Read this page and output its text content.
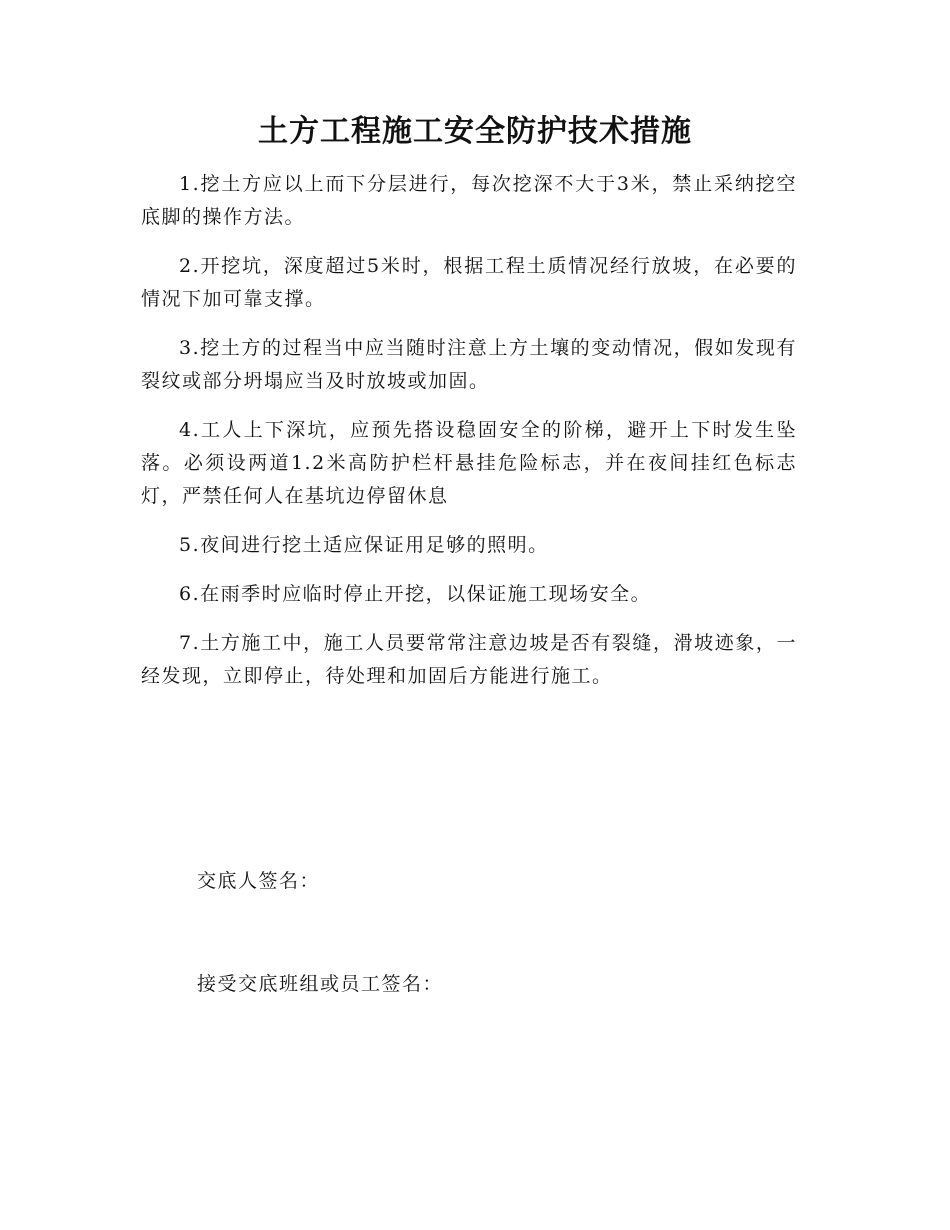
土方工程施工安全防护技术措施

1.挖土方应以上而下分层进行，每次挖深不大于3米，禁止采纳挖空底脚的操作方法。

2.开挖坑，深度超过5米时，根据工程土质情况经行放坡，在必要的情况下加可靠支撑。

3.挖土方的过程当中应当随时注意上方土壤的变动情况，假如发现有裂纹或部分坍塌应当及时放坡或加固。

4.工人上下深坑，应预先搭设稳固安全的阶梯，避开上下时发生坠落。必须设两道1.2米高防护栏杆悬挂危险标志，并在夜间挂红色标志灯，严禁任何人在基坑边停留休息

5.夜间进行挖土适应保证用足够的照明。

6.在雨季时应临时停止开挖，以保证施工现场安全。

7.土方施工中，施工人员要常常注意边坡是否有裂缝，滑坡迹象，一经发现，立即停止，待处理和加固后方能进行施工。

交底人签名：

接受交底班组或员工签名：
